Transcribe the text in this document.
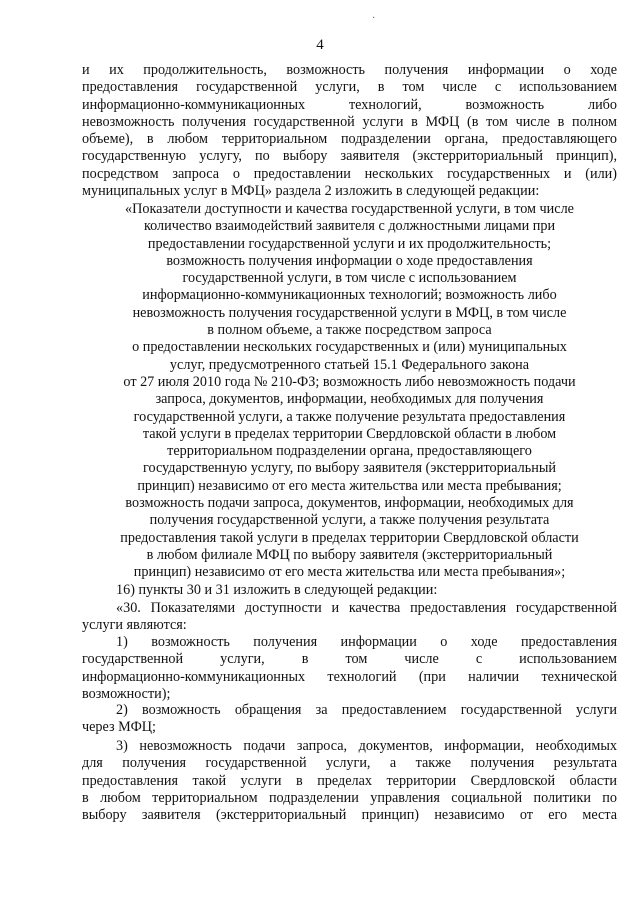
·
4
и их продолжительность, возможность получения информации о ходе
предоставления государственной услуги, в том числе с использованием
информационно-коммуникационных технологий, возможность либо
невозможность получения государственной услуги в МФЦ (в том числе в полном
объеме), в любом территориальном подразделении органа, предоставляющего
государственную услугу, по выбору заявителя (экстерриториальный принцип),
посредством запроса о предоставлении нескольких государственных и (или)
муниципальных услуг в МФЦ» раздела 2 изложить в следующей редакции:
«Показатели доступности и качества государственной услуги, в том числе
количество взаимодействий заявителя с должностными лицами при
предоставлении государственной услуги и их продолжительность;
возможность получения информации о ходе предоставления
государственной услуги, в том числе с использованием
информационно-коммуникационных технологий; возможность либо
невозможность получения государственной услуги в МФЦ, в том числе
в полном объеме, а также посредством запроса
о предоставлении нескольких государственных и (или) муниципальных
услуг, предусмотренного статьей 15.1 Федерального закона
от 27 июля 2010 года № 210-ФЗ; возможность либо невозможность подачи
запроса, документов, информации, необходимых для получения
государственной услуги, а также получение результата предоставления
такой услуги в пределах территории Свердловской области в любом
территориальном подразделении органа, предоставляющего
государственную услугу, по выбору заявителя (экстерриториальный
принцип) независимо от его места жительства или места пребывания;
возможность подачи запроса, документов, информации, необходимых для
получения государственной услуги, а также получения результата
предоставления такой услуги в пределах территории Свердловской области
в любом филиале МФЦ по выбору заявителя (экстерриториальный
принцип) независимо от его места жительства или места пребывания»;
16) пункты 30 и 31 изложить в следующей редакции:
«30. Показателями доступности и качества предоставления государственной
услуги являются:
1) возможность получения информации о ходе предоставления
государственной услуги, в том числе с использованием
информационно-коммуникационных технологий (при наличии технической
возможности);
2) возможность обращения за предоставлением государственной услуги
через МФЦ;
3) невозможность подачи запроса, документов, информации, необходимых
для получения государственной услуги, а также получения результата
предоставления такой услуги в пределах территории Свердловской области
в любом территориальном подразделении управления социальной политики по
выбору заявителя (экстерриториальный принцип) независимо от его места
